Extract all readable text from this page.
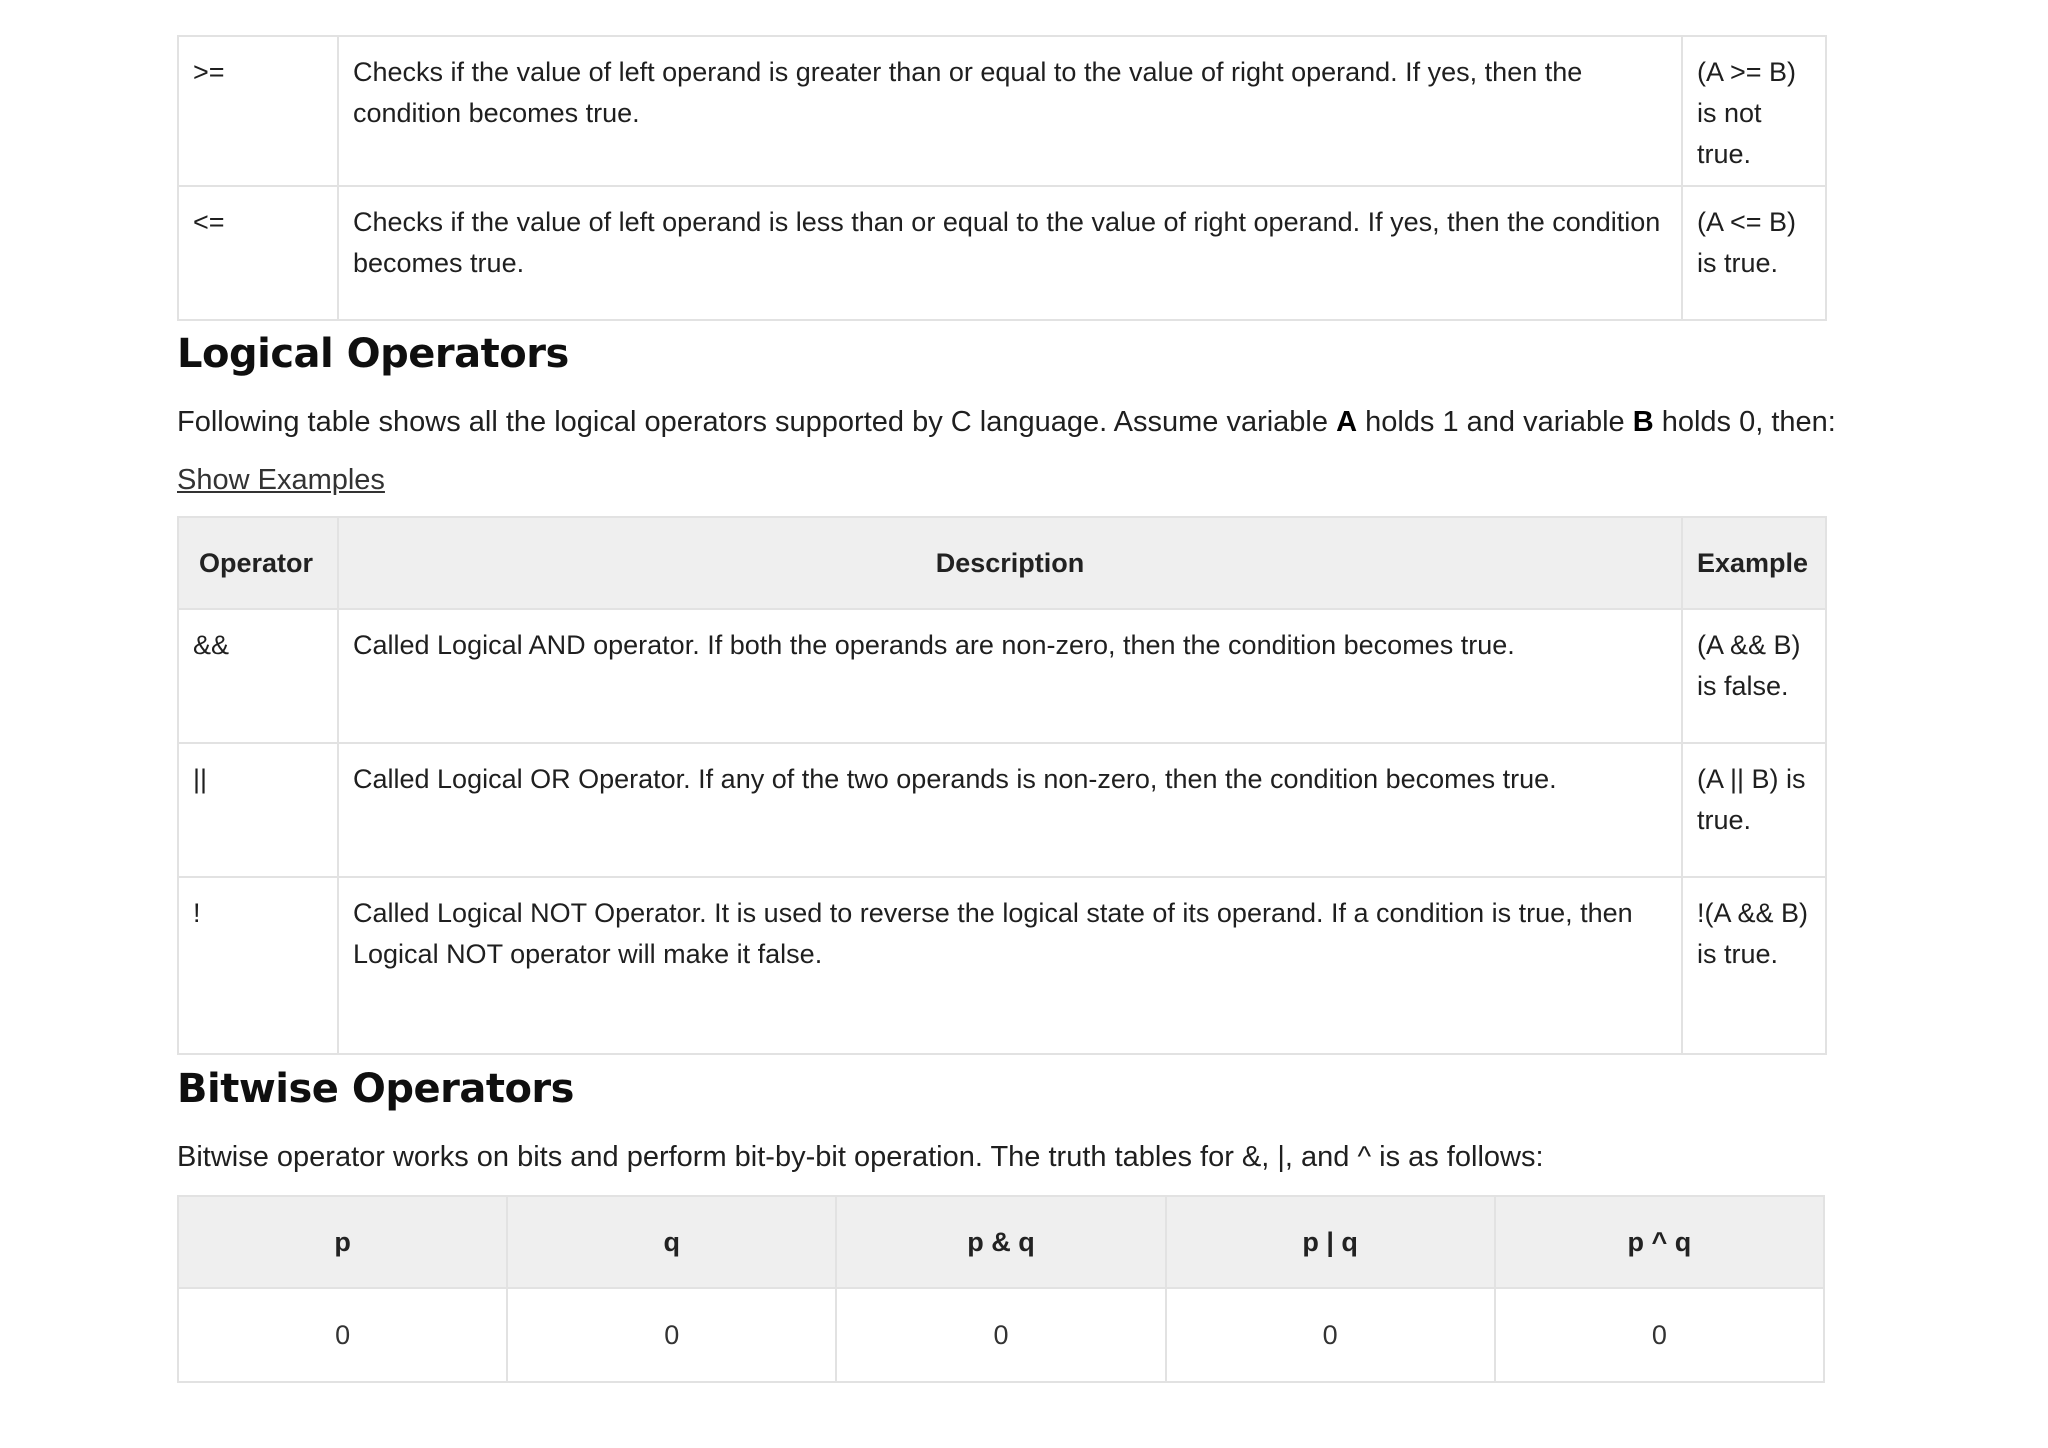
>=	Checks if the value of left operand is greater than or equal to the value of right operand. If yes, then the condition becomes true.	(A >= B) is not true.
<=	Checks if the value of left operand is less than or equal to the value of right operand. If yes, then the condition becomes true.	(A <= B) is true.
Logical Operators

Following table shows all the logical operators supported by C language. Assume variable A holds 1 and variable B holds 0, then:

Show Examples
Operator	Description	Example
&&	Called Logical AND operator. If both the operands are non-zero, then the condition becomes true.	(A && B) is false.
||	Called Logical OR Operator. If any of the two operands is non-zero, then the condition becomes true.	(A || B) is true.
!	Called Logical NOT Operator. It is used to reverse the logical state of its operand. If a condition is true, then Logical NOT operator will make it false.	!(A && B) is true.
Bitwise Operators

Bitwise operator works on bits and perform bit-by-bit operation. The truth tables for &, |, and ^ is as follows:

p	q	p & q	p | q	p ^ q
0	0	0	0	0
